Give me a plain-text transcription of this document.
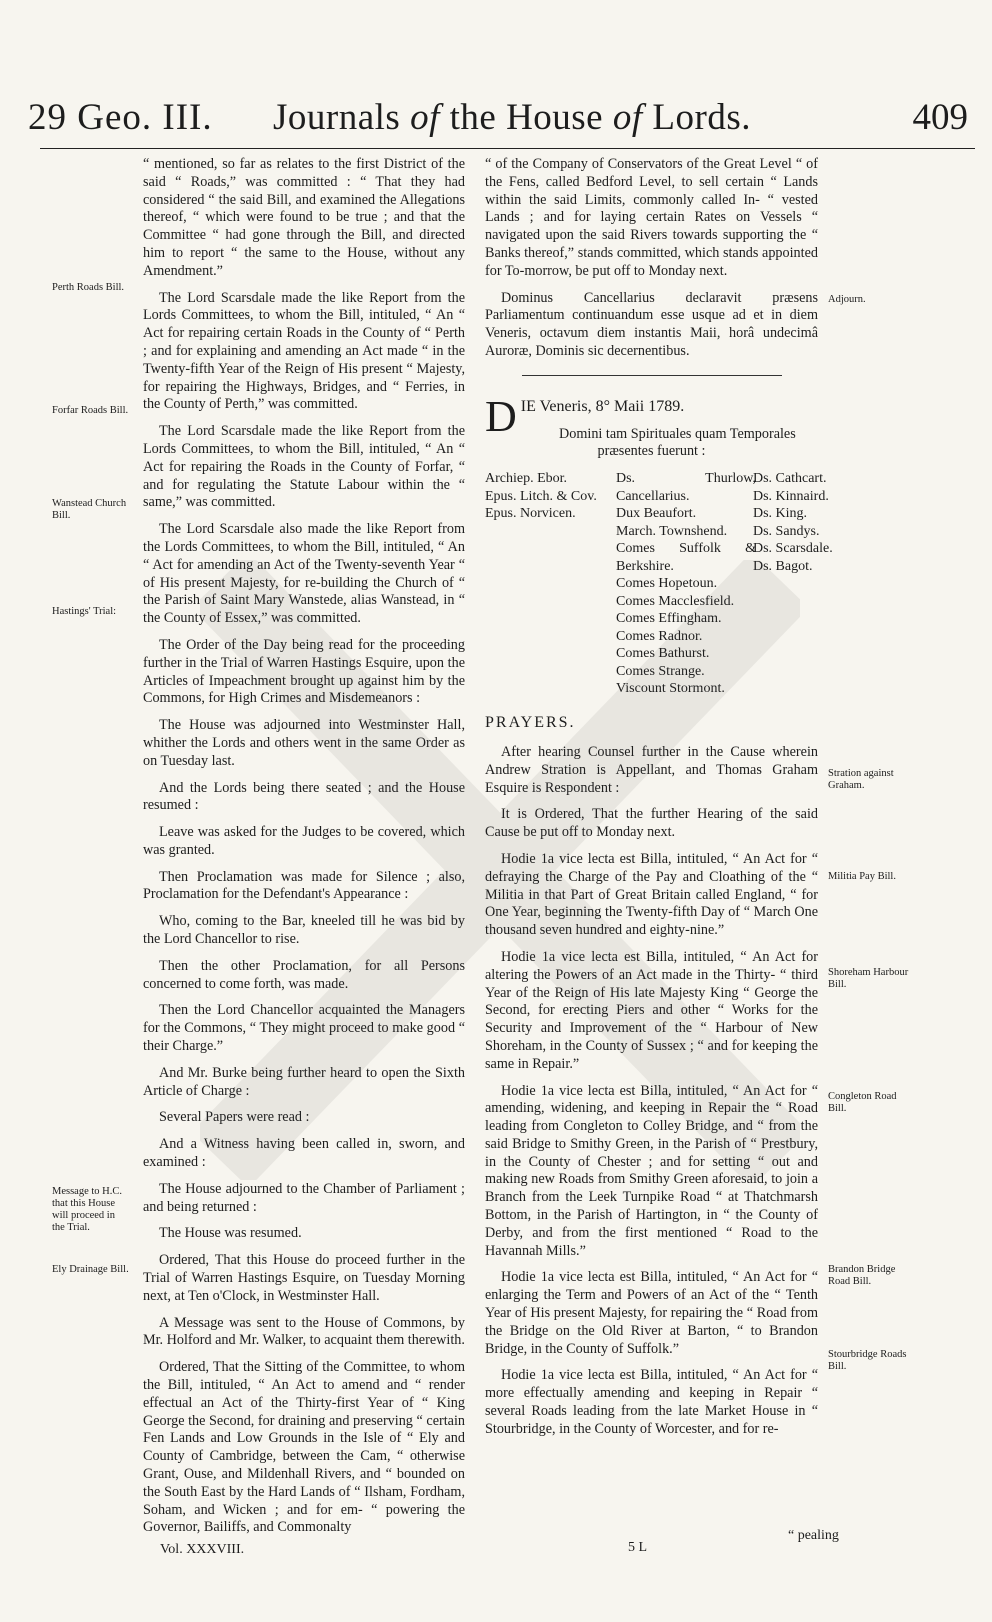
29 Geo. III. Journals of the House of Lords.	409
Perth Roads Bill.
Forfar Roads Bill.
Wanstead Church Bill.
Hastings' Trial:
Message to H.C. that this House will proceed in the Trial.
Ely Drainage Bill.
Adjourn.
Stration against Graham.
Militia Pay Bill.
Shoreham Harbour Bill.
Congleton Road Bill.
Brandon Bridge Road Bill.
Stourbridge Roads Bill.

“ mentioned, so far as relates to the first District of the said “ Roads,” was committed : “ That they had considered “ the said Bill, and examined the Allegations thereof, “ which were found to be true ; and that the Committee “ had gone through the Bill, and directed him to report “ the same to the House, without any Amendment.”

The Lord Scarsdale made the like Report from the Lords Committees, to whom the Bill, intituled, “ An “ Act for repairing certain Roads in the County of “ Perth ; and for explaining and amending an Act made “ in the Twenty-fifth Year of the Reign of His present “ Majesty, for repairing the Highways, Bridges, and “ Ferries, in the County of Perth,” was committed.

The Lord Scarsdale made the like Report from the Lords Committees, to whom the Bill, intituled, “ An “ Act for repairing the Roads in the County of Forfar, “ and for regulating the Statute Labour within the “ same,” was committed.

The Lord Scarsdale also made the like Report from the Lords Committees, to whom the Bill, intituled, “ An “ Act for amending an Act of the Twenty-seventh Year “ of His present Majesty, for re-building the Church of “ the Parish of Saint Mary Wanstede, alias Wanstead, in “ the County of Essex,” was committed.

The Order of the Day being read for the proceeding further in the Trial of Warren Hastings Esquire, upon the Articles of Impeachment brought up against him by the Commons, for High Crimes and Misdemeanors :

The House was adjourned into Westminster Hall, whither the Lords and others went in the same Order as on Tuesday last.

And the Lords being there seated ; and the House resumed :

Leave was asked for the Judges to be covered, which was granted.

Then Proclamation was made for Silence ; also, Proclamation for the Defendant's Appearance :

Who, coming to the Bar, kneeled till he was bid by the Lord Chancellor to rise.

Then the other Proclamation, for all Persons concerned to come forth, was made.

Then the Lord Chancellor acquainted the Managers for the Commons, “ They might proceed to make good “ their Charge.”

And Mr. Burke being further heard to open the Sixth Article of Charge :

Several Papers were read :

And a Witness having been called in, sworn, and examined :

The House adjourned to the Chamber of Parliament ; and being returned :

The House was resumed.

Ordered, That this House do proceed further in the Trial of Warren Hastings Esquire, on Tuesday Morning next, at Ten o'Clock, in Westminster Hall.

A Message was sent to the House of Commons, by Mr. Holford and Mr. Walker, to acquaint them therewith.

Ordered, That the Sitting of the Committee, to whom the Bill, intituled, “ An Act to amend and “ render effectual an Act of the Thirty-first Year of “ King George the Second, for draining and preserving “ certain Fen Lands and Low Grounds in the Isle of “ Ely and County of Cambridge, between the Cam, “ otherwise Grant, Ouse, and Mildenhall Rivers, and “ bounded on the South East by the Hard Lands of “ Ilsham, Fordham, Soham, and Wicken ; and for em- “ powering the Governor, Bailiffs, and Commonalty

“ of the Company of Conservators of the Great Level “ of the Fens, called Bedford Level, to sell certain “ Lands within the said Limits, commonly called In- “ vested Lands ; and for laying certain Rates on Vessels “ navigated upon the said Rivers towards supporting the “ Banks thereof,” stands committed, which stands appointed for To-morrow, be put off to Monday next.

Dominus Cancellarius declaravit præsens Parliamentum continuandum esse usque ad et in diem Veneris, octavum diem instantis Maii, horâ undecimâ Auroræ, Dominis sic decernentibus.

DIE Veneris, 8° Maii 1789.

Domini tam Spirituales quam Temporales præsentes fuerunt :

Archiep. Ebor.
Epus. Litch. & Cov.
Epus. Norvicen.
Ds. Thurlow, Cancellarius.
Dux Beaufort.
March. Townshend.
Comes Suffolk & Berkshire.
Comes Hopetoun.
Comes Macclesfield.
Comes Effingham.
Comes Radnor.
Comes Bathurst.
Comes Strange.
Viscount Stormont.
Ds. Cathcart.
Ds. Kinnaird.
Ds. King.
Ds. Sandys.
Ds. Scarsdale.
Ds. Bagot.
PRAYERS.

After hearing Counsel further in the Cause wherein Andrew Stration is Appellant, and Thomas Graham Esquire is Respondent :

It is Ordered, That the further Hearing of the said Cause be put off to Monday next.

Hodie 1a vice lecta est Billa, intituled, “ An Act for “ defraying the Charge of the Pay and Cloathing of the “ Militia in that Part of Great Britain called England, “ for One Year, beginning the Twenty-fifth Day of “ March One thousand seven hundred and eighty-nine.”

Hodie 1a vice lecta est Billa, intituled, “ An Act for altering the Powers of an Act made in the Thirty- “ third Year of the Reign of His late Majesty King “ George the Second, for erecting Piers and other “ Works for the Security and Improvement of the “ Harbour of New Shoreham, in the County of Sussex ; “ and for keeping the same in Repair.”

Hodie 1a vice lecta est Billa, intituled, “ An Act for “ amending, widening, and keeping in Repair the “ Road leading from Congleton to Colley Bridge, and “ from the said Bridge to Smithy Green, in the Parish of “ Prestbury, in the County of Chester ; and for setting “ out and making new Roads from Smithy Green aforesaid, to join a Branch from the Leek Turnpike Road “ at Thatchmarsh Bottom, in the Parish of Hartington, in “ the County of Derby, and from the first mentioned “ Road to the Havannah Mills.”

Hodie 1a vice lecta est Billa, intituled, “ An Act for “ enlarging the Term and Powers of an Act of the “ Tenth Year of His present Majesty, for repairing the “ Road from the Bridge on the Old River at Barton, “ to Brandon Bridge, in the County of Suffolk.”

Hodie 1a vice lecta est Billa, intituled, “ An Act for “ more effectually amending and keeping in Repair “ several Roads leading from the late Market House in “ Stourbridge, in the County of Worcester, and for re-

Vol. XXXVIII.	5 L
“ pealing
